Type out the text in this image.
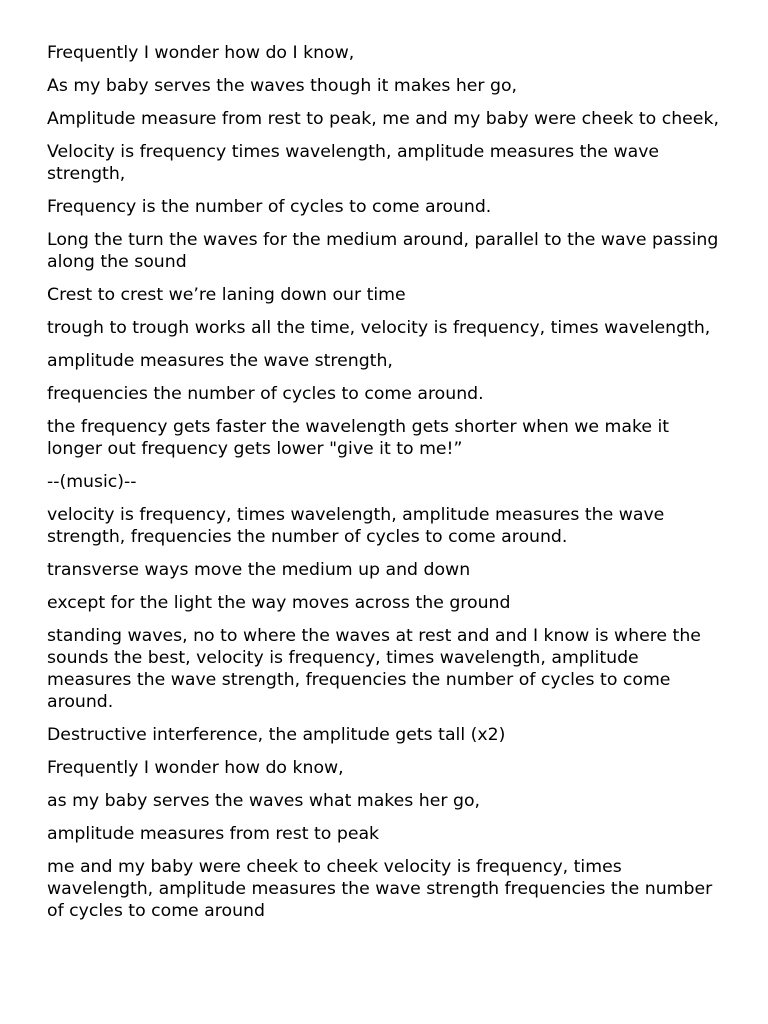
Frequently I wonder how do I know,

As my baby serves the waves though it makes her go,

Amplitude measure from rest to peak, me and my baby were cheek to cheek,

Velocity is frequency times wavelength, amplitude measures the wave strength,

Frequency is the number of cycles to come around.

Long the turn the waves for the medium around, parallel to the wave passing along the sound

Crest to crest we’re laning down our time

trough to trough works all the time, velocity is frequency, times wavelength,

amplitude measures the wave strength,

frequencies the number of cycles to come around.

the frequency gets faster the wavelength gets shorter when we make it longer out frequency gets lower "give it to me!”

--(music)--

velocity is frequency, times wavelength, amplitude measures the wave strength, frequencies the number of cycles to come around.

transverse ways move the medium up and down

except for the light the way moves across the ground

standing waves, no to where the waves at rest and and I know is where the sounds the best, velocity is frequency, times wavelength, amplitude measures the wave strength, frequencies the number of cycles to come around.

Destructive interference, the amplitude gets tall (x2)

Frequently I wonder how do know,

as my baby serves the waves what makes her go,

amplitude measures from rest to peak

me and my baby were cheek to cheek velocity is frequency, times wavelength, amplitude measures the wave strength frequencies the number of cycles to come around
